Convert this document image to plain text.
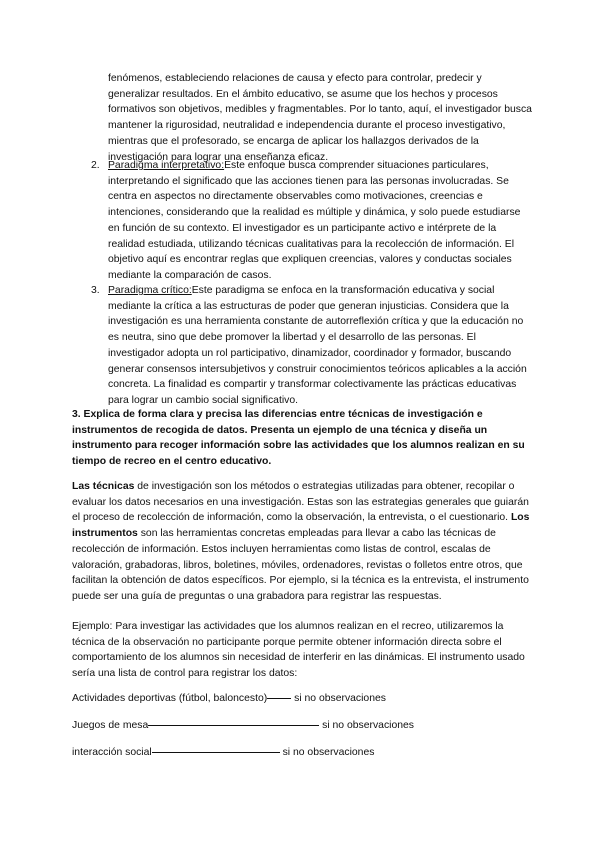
fenómenos, estableciendo relaciones de causa y efecto para controlar, predecir y generalizar resultados. En el ámbito educativo, se asume que los hechos y procesos formativos son objetivos, medibles y fragmentables. Por lo tanto, aquí, el investigador busca mantener la rigurosidad, neutralidad e independencia durante el proceso investigativo, mientras que el profesorado, se encarga de aplicar los hallazgos derivados de la investigación para lograr una enseñanza eficaz.

2. Paradigma interpretativo:Este enfoque busca comprender situaciones particulares, interpretando el significado que las acciones tienen para las personas involucradas. Se centra en aspectos no directamente observables como motivaciones, creencias e intenciones, considerando que la realidad es múltiple y dinámica, y solo puede estudiarse en función de su contexto. El investigador es un participante activo e intérprete de la realidad estudiada, utilizando técnicas cualitativas para la recolección de información. El objetivo aquí es encontrar reglas que expliquen creencias, valores y conductas sociales mediante la comparación de casos.

3. Paradigma crítico:Este paradigma se enfoca en la transformación educativa y social mediante la crítica a las estructuras de poder que generan injusticias. Considera que la investigación es una herramienta constante de autorreflexión crítica y que la educación no es neutra, sino que debe promover la libertad y el desarrollo de las personas. El investigador adopta un rol participativo, dinamizador, coordinador y formador, buscando generar consensos intersubjetivos y construir conocimientos teóricos aplicables a la acción concreta. La finalidad es compartir y transformar colectivamente las prácticas educativas para lograr un cambio social significativo.

3. Explica de forma clara y precisa las diferencias entre técnicas de investigación e instrumentos de recogida de datos. Presenta un ejemplo de una técnica y diseña un instrumento para recoger información sobre las actividades que los alumnos realizan en su tiempo de recreo en el centro educativo.

Las técnicas de investigación son los métodos o estrategias utilizadas para obtener, recopilar o evaluar los datos necesarios en una investigación. Estas son las estrategias generales que guiarán el proceso de recolección de información, como la observación, la entrevista, o el cuestionario. Los instrumentos son las herramientas concretas empleadas para llevar a cabo las técnicas de recolección de información. Estos incluyen herramientas como listas de control, escalas de valoración, grabadoras, libros, boletines, móviles, ordenadores, revistas o folletos entre otros, que facilitan la obtención de datos específicos. Por ejemplo, si la técnica es la entrevista, el instrumento puede ser una guía de preguntas o una grabadora para registrar las respuestas.

Ejemplo: Para investigar las actividades que los alumnos realizan en el recreo, utilizaremos la técnica de la observación no participante porque permite obtener información directa sobre el comportamiento de los alumnos sin necesidad de interferir en las dinámicas. El instrumento usado sería una lista de control para registrar los datos:

Actividades deportivas (fútbol, baloncesto)	si no observaciones
Juegos de mesa	si no observaciones
interacción social	si no observaciones
